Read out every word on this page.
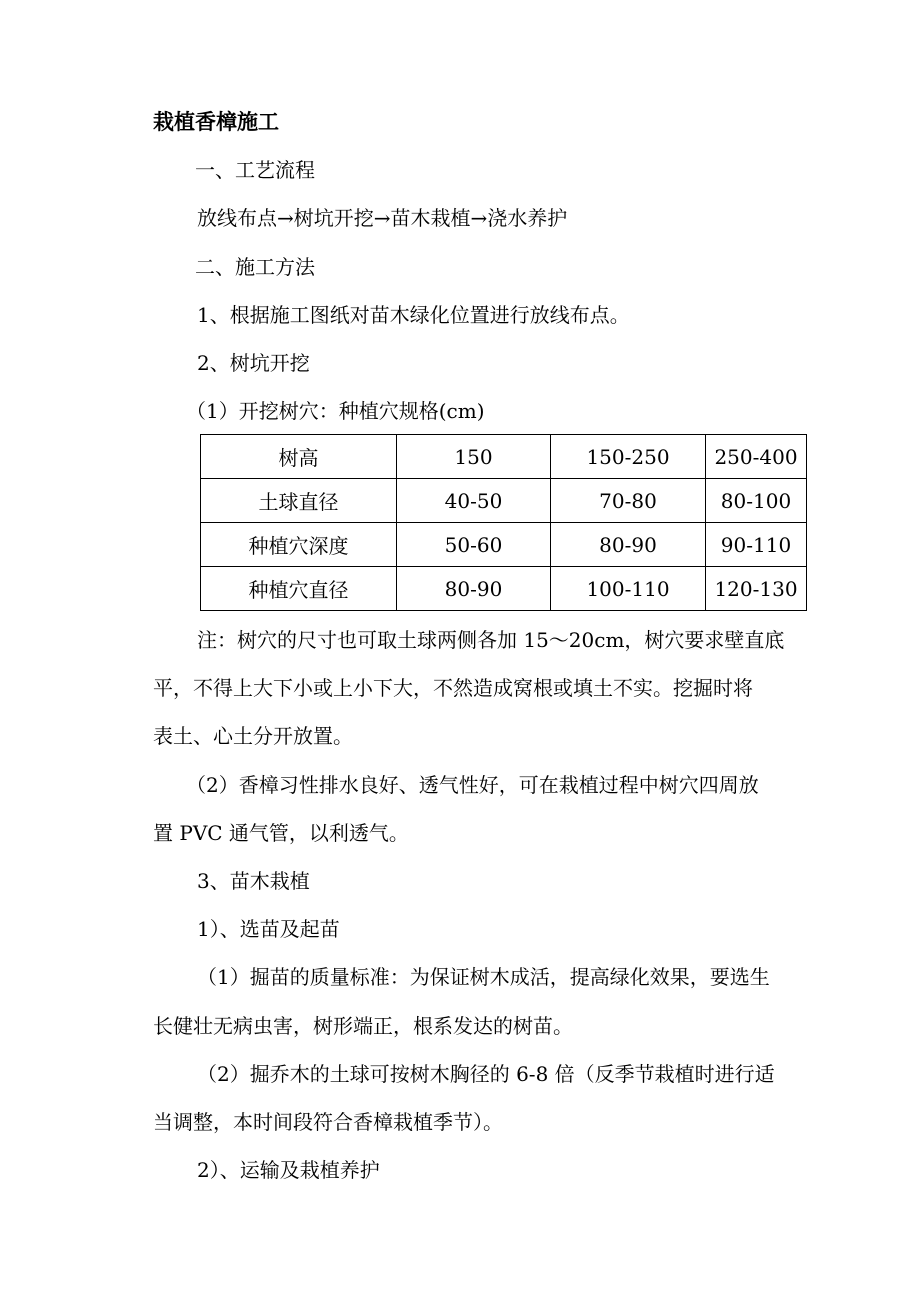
栽植香樟施工
一、工艺流程
放线布点→树坑开挖→苗木栽植→浇水养护
二、施工方法
1、根据施工图纸对苗木绿化位置进行放线布点。
2、树坑开挖
（1）开挖树穴：种植穴规格(cm)
树高	150	150-250	250-400
土球直径	40-50	70-80	80-100
种植穴深度	50-60	80-90	90-110
种植穴直径	80-90	100-110	120-130
注：树穴的尺寸也可取土球两侧各加 15～20cm，树穴要求壁直底
平，不得上大下小或上小下大，不然造成窝根或填土不实。挖掘时将
表土、心土分开放置。
（2）香樟习性排水良好、透气性好，可在栽植过程中树穴四周放
置 PVC 通气管，以利透气。
3、苗木栽植
1）、选苗及起苗
（1）掘苗的质量标准：为保证树木成活，提高绿化效果，要选生
长健壮无病虫害，树形端正，根系发达的树苗。
（2）掘乔木的土球可按树木胸径的 6-8 倍（反季节栽植时进行适
当调整，本时间段符合香樟栽植季节）。
2）、运输及栽植养护
